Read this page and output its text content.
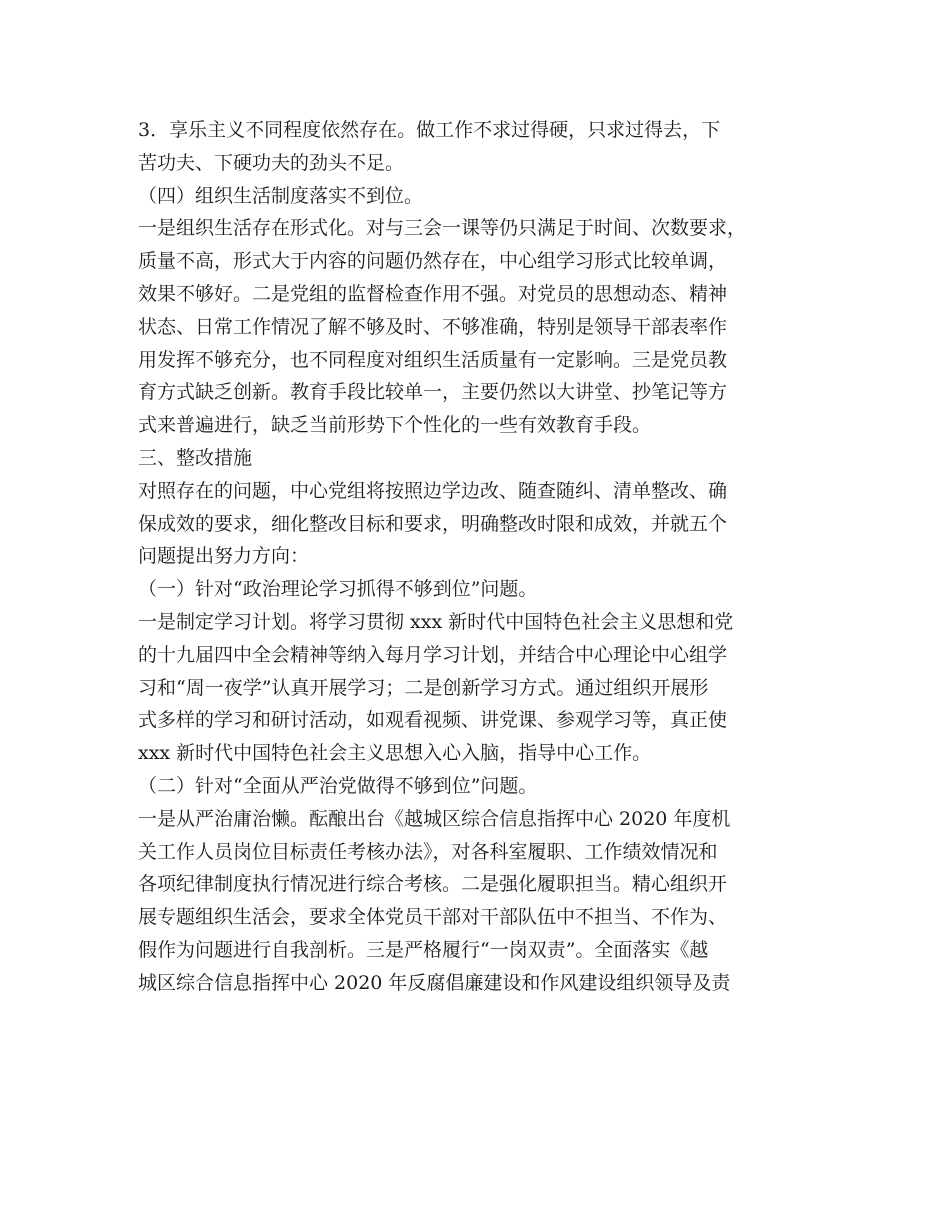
3．享乐主义不同程度依然存在。做工作不求过得硬，只求过得去，下
苦功夫、下硬功夫的劲头不足。
（四）组织生活制度落实不到位。
一是组织生活存在形式化。对与三会一课等仍只满足于时间、次数要求，
质量不高，形式大于内容的问题仍然存在，中心组学习形式比较单调，
效果不够好。二是党组的监督检查作用不强。对党员的思想动态、精神
状态、日常工作情况了解不够及时、不够准确，特别是领导干部表率作
用发挥不够充分，也不同程度对组织生活质量有一定影响。三是党员教
育方式缺乏创新。教育手段比较单一，主要仍然以大讲堂、抄笔记等方
式来普遍进行，缺乏当前形势下个性化的一些有效教育手段。
三、整改措施
对照存在的问题，中心党组将按照边学边改、随查随纠、清单整改、确
保成效的要求，细化整改目标和要求，明确整改时限和成效，并就五个
问题提出努力方向：
（一）针对“政治理论学习抓得不够到位”问题。
一是制定学习计划。将学习贯彻 xxx 新时代中国特色社会主义思想和党
的十九届四中全会精神等纳入每月学习计划，并结合中心理论中心组学
习和“周一夜学”认真开展学习；二是创新学习方式。通过组织开展形
式多样的学习和研讨活动，如观看视频、讲党课、参观学习等，真正使
xxx 新时代中国特色社会主义思想入心入脑，指导中心工作。
（二）针对“全面从严治党做得不够到位”问题。
一是从严治庸治懒。酝酿出台《越城区综合信息指挥中心 2020 年度机
关工作人员岗位目标责任考核办法》，对各科室履职、工作绩效情况和
各项纪律制度执行情况进行综合考核。二是强化履职担当。精心组织开
展专题组织生活会，要求全体党员干部对干部队伍中不担当、不作为、
假作为问题进行自我剖析。三是严格履行“一岗双责”。全面落实《越
城区综合信息指挥中心 2020 年反腐倡廉建设和作风建设组织领导及责
